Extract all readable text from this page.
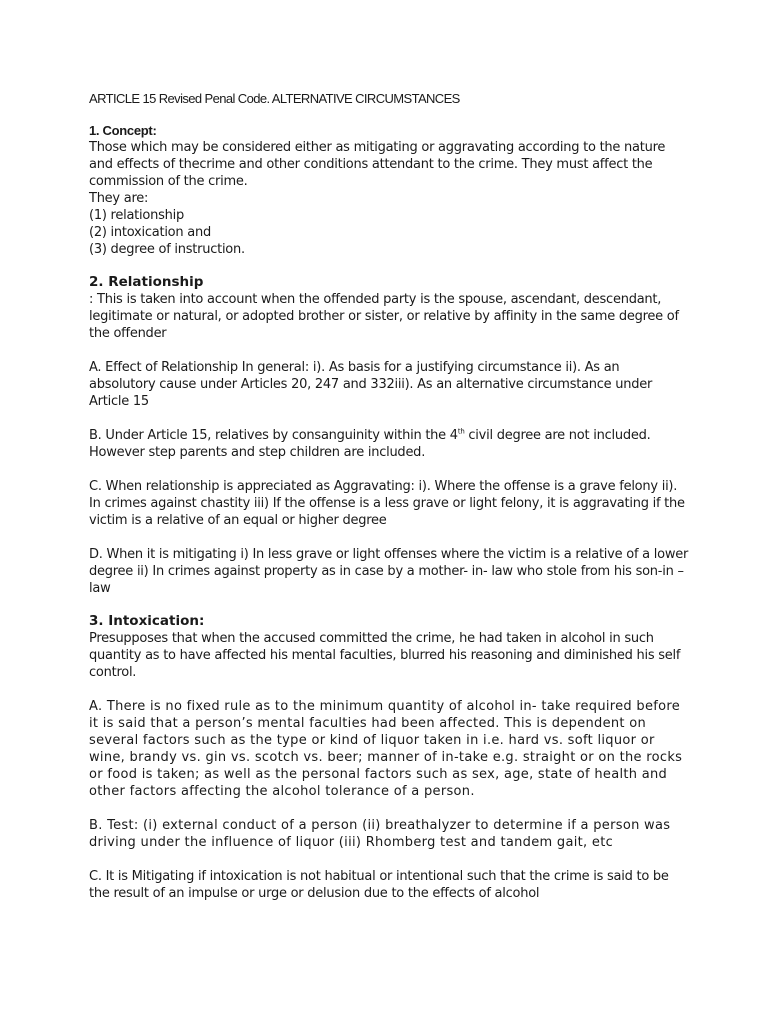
ARTICLE 15 Revised Penal Code. ALTERNATIVE CIRCUMSTANCES
1. Concept:

Those which may be considered either as mitigating or aggravating according to the nature and effects of thecrime and other conditions attendant to the crime. They must affect the commission of the crime.

They are:

(1) relationship

(2) intoxication and

(3) degree of instruction.

2. Relationship

: This is taken into account when the offended party is the spouse, ascendant, descendant, legitimate or natural, or adopted brother or sister, or relative by affinity in the same degree of the offender

A. Effect of Relationship In general: i). As basis for a justifying circumstance ii). As an absolutory cause under Articles 20, 247 and 332iii). As an alternative circumstance under Article 15

B. Under Article 15, relatives by consanguinity within the 4th civil degree are not included. However step parents and step children are included.

C. When relationship is appreciated as Aggravating: i). Where the offense is a grave felony ii). In crimes against chastity iii) If the offense is a less grave or light felony, it is aggravating if the victim is a relative of an equal or higher degree

D. When it is mitigating i) In less grave or light offenses where the victim is a relative of a lower degree ii) In crimes against property as in case by a mother- in- law who stole from his son-in – law

3. Intoxication:

Presupposes that when the accused committed the crime, he had taken in alcohol in such quantity as to have affected his mental faculties, blurred his reasoning and diminished his self control.

A. There is no fixed rule as to the minimum quantity of alcohol in- take required before it is said that a person’s mental faculties had been affected. This is dependent on several factors such as the type or kind of liquor taken in i.e. hard vs. soft liquor or wine, brandy vs. gin vs. scotch vs. beer; manner of in-take e.g. straight or on the rocks or food is taken; as well as the personal factors such as sex, age, state of health and other factors affecting the alcohol tolerance of a person.

B. Test: (i) external conduct of a person (ii) breathalyzer to determine if a person was driving under the influence of liquor (iii) Rhomberg test and tandem gait, etc

C. It is Mitigating if intoxication is not habitual or intentional such that the crime is said to be the result of an impulse or urge or delusion due to the effects of alcohol
